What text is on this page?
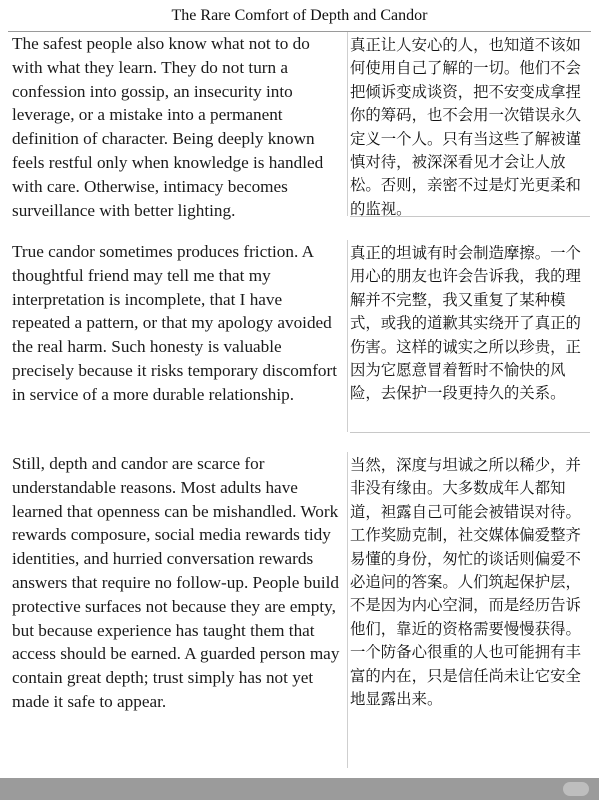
The Rare Comfort of Depth and Candor

The safest people also know what not to do with what they learn. They do not turn a confession into gossip, an insecurity into leverage, or a mistake into a permanent definition of character. Being deeply known feels restful only when knowledge is handled with care. Otherwise, intimacy becomes surveillance with better lighting.

真正让人安心的人，也知道不该如何使用自己了解的一切。他们不会把倾诉变成谈资，把不安变成拿捏你的筹码，也不会用一次错误永久定义一个人。只有当这些了解被谨慎对待，被深深看见才会让人放松。否则，亲密不过是灯光更柔和的监视。

True candor sometimes produces friction. A thoughtful friend may tell me that my interpretation is incomplete, that I have repeated a pattern, or that my apology avoided the real harm. Such honesty is valuable precisely because it risks temporary discomfort in service of a more durable relationship.

真正的坦诚有时会制造摩擦。一个用心的朋友也许会告诉我，我的理解并不完整，我又重复了某种模式，或我的道歉其实绕开了真正的伤害。这样的诚实之所以珍贵，正因为它愿意冒着暂时不愉快的风险，去保护一段更持久的关系。

Still, depth and candor are scarce for understandable reasons. Most adults have learned that openness can be mishandled. Work rewards composure, social media rewards tidy identities, and hurried conversation rewards answers that require no follow-up. People build protective surfaces not because they are empty, but because experience has taught them that access should be earned. A guarded person may contain great depth; trust simply has not yet made it safe to appear.

当然，深度与坦诚之所以稀少，并非没有缘由。大多数成年人都知道，袒露自己可能会被错误对待。工作奖励克制，社交媒体偏爱整齐易懂的身份，匆忙的谈话则偏爱不必追问的答案。人们筑起保护层，不是因为内心空洞，而是经历告诉他们，靠近的资格需要慢慢获得。一个防备心很重的人也可能拥有丰富的内在，只是信任尚未让它安全地显露出来。
